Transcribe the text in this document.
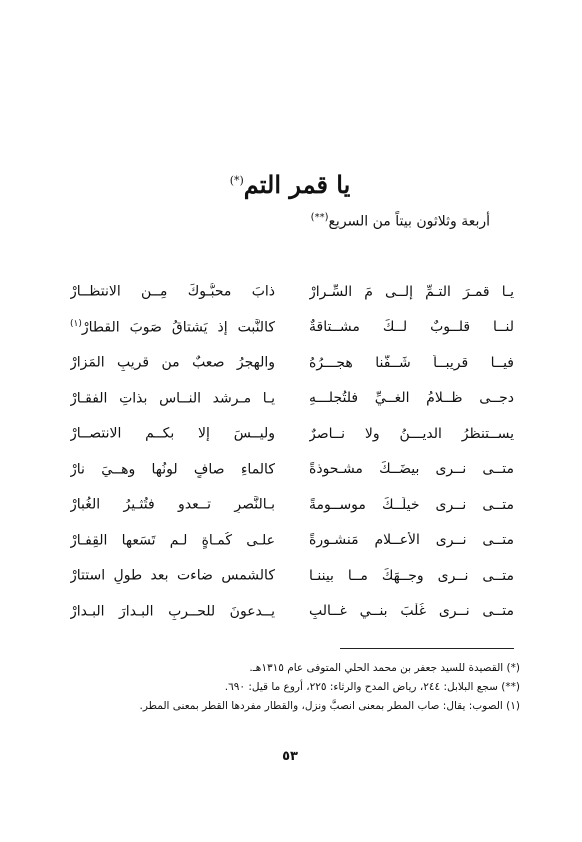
يا قمر التم(*)
أربعة وثلاثون بيتاً من السريع(**)
يـا قمـرَ التـمِّ إلــى مَ السِّـرارْ
ذابَ محبُّـوكَ مِــن الانتظــارْ
لنــا قلــوبٌ لــكَ مشــتاقةٌ
كالنَّبت إذ يَشتاقُ صَوبَ القطارْ$^{(١)}$
فيــا قريبــاً شَــفَّنا هجـــرُهُ
والهجرُ صعبٌ من قريبِ المَزارْ
دجــى ظــلامُ الغــيِّ فلتُجلـــهِ
يـا مـرشد النــاسِ بذاتِ الفقـارْ
يســتنظرُ الديـــنُ ولا نــاصرٌ
وليــسَ إلا بكــمِ الانتصــارْ
متــى نــرى بيضَــكَ مشـحوذةً
كالماءِ صافٍ لونُها وهــيَ نارْ
متــى نــرى خيلَــكَ موســومةً
بـالنَّصرِ تــعدو فتُثـيرُ الغُبارْ
متــى نــرى الأعــلام مَنشـورةً
علـى كُمـاةٍ لـم تَسَعها القِفـارْ
متــى نــرى وجــهَكَ مــا بيننـا
كالشمسِ ضاءت بعد طولِ استتارْ
متــى نــرى غُلْبَ بنــي غــالبٍ
يــدعونَ للحــربِ البـدارَ البـدارْ
(*) القصيدة للسيد جعفر بن محمد الحلي المتوفى عام ١٣١٥هـ.
(**) سجع البلابل: ٢٤٤، رياض المدح والرثاء: ٢٢٥، أروع ما قيل: ٦٩٠.
(١) الصوب: يقال: صاب المطر بمعنى انصبَّ ونزل، والقطار مفردها القطر بمعنى المطر.
٥٣
